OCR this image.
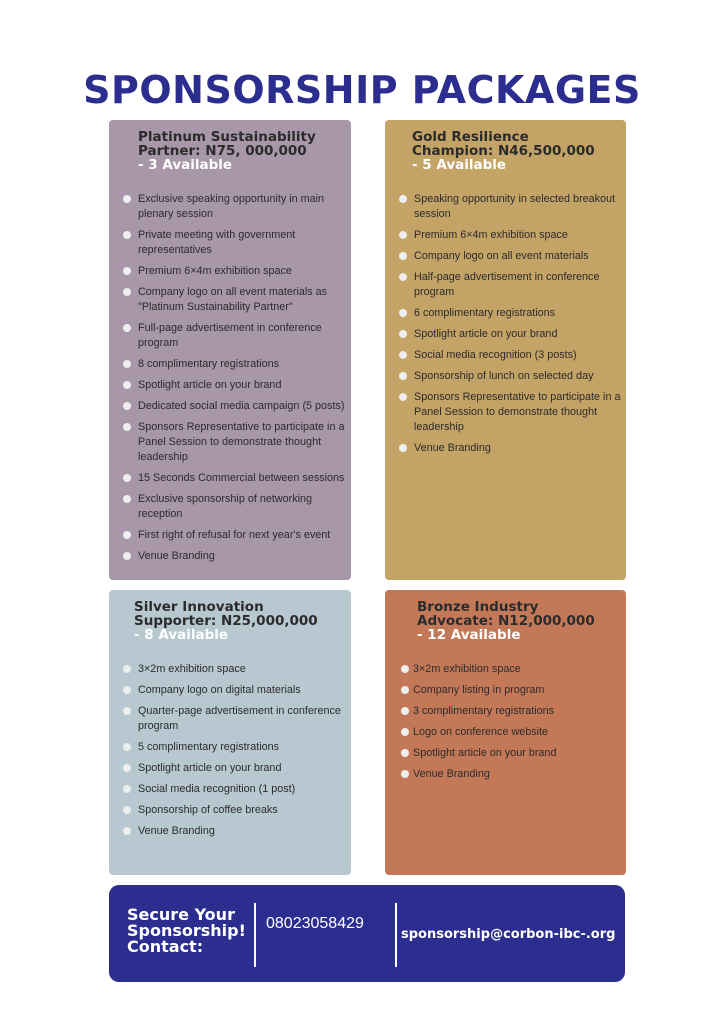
SPONSORSHIP PACKAGES
Platinum Sustainability
Partner: N75, 000,000
- 3 Available
Exclusive speaking opportunity in main plenary session
Private meeting with government representatives
Premium 6×4m exhibition space
Company logo on all event materials as "Platinum Sustainability Partner"
Full-page advertisement in conference program
8 complimentary registrations
Spotlight article on your brand
Dedicated social media campaign (5 posts)
Sponsors Representative to participate in a Panel Session to demonstrate thought leadership
15 Seconds Commercial between sessions
Exclusive sponsorship of networking reception
First right of refusal for next year's event
Venue Branding
Gold Resilience
Champion: N46,500,000
- 5 Available
Speaking opportunity in selected breakout session
Premium 6×4m exhibition space
Company logo on all event materials
Half-page advertisement in conference program
6 complimentary registrations
Spotlight article on your brand
Social media recognition (3 posts)
Sponsorship of lunch on selected day
Sponsors Representative to participate in a Panel Session to demonstrate thought leadership
Venue Branding
Silver Innovation
Supporter: N25,000,000
- 8 Available
3×2m exhibition space
Company logo on digital materials
Quarter-page advertisement in conference program
5 complimentary registrations
Spotlight article on your brand
Social media recognition (1 post)
Sponsorship of coffee breaks
Venue Branding
Bronze Industry
Advocate: N12,000,000
- 12 Available
3×2m exhibition space
Company listing in program
3 complimentary registrations
Logo on conference website
Spotlight article on your brand
Venue Branding
Secure Your Sponsorship! Contact:
08023058429
sponsorship@corbon-ibc-.org
